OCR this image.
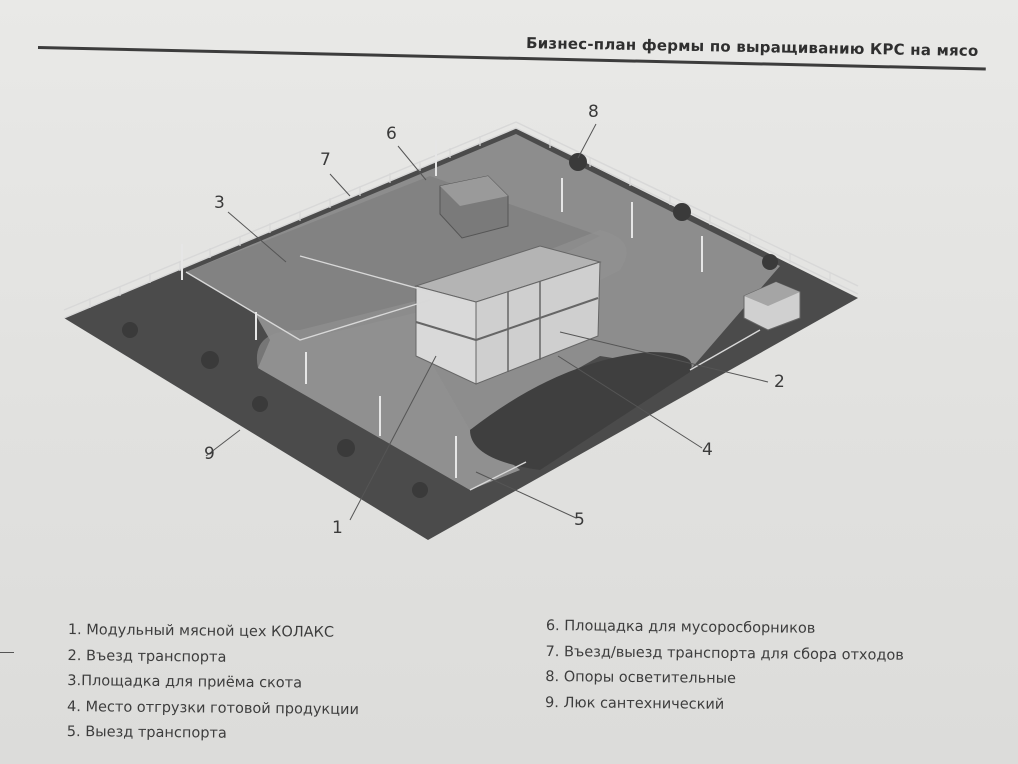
Бизнес-план фермы по выращиванию КРС на мясо
8
6
7
3
9
1
2
4
5
1. Модульный мясной цех КОЛАКС
2. Въезд транспорта
3.Площадка для приёма скота
4. Место отгрузки готовой продукции
5. Выезд транспорта
6. Площадка для мусоросборников
7. Въезд/выезд транспорта для сбора отходов
8. Опоры осветительные
9. Люк сантехнический
